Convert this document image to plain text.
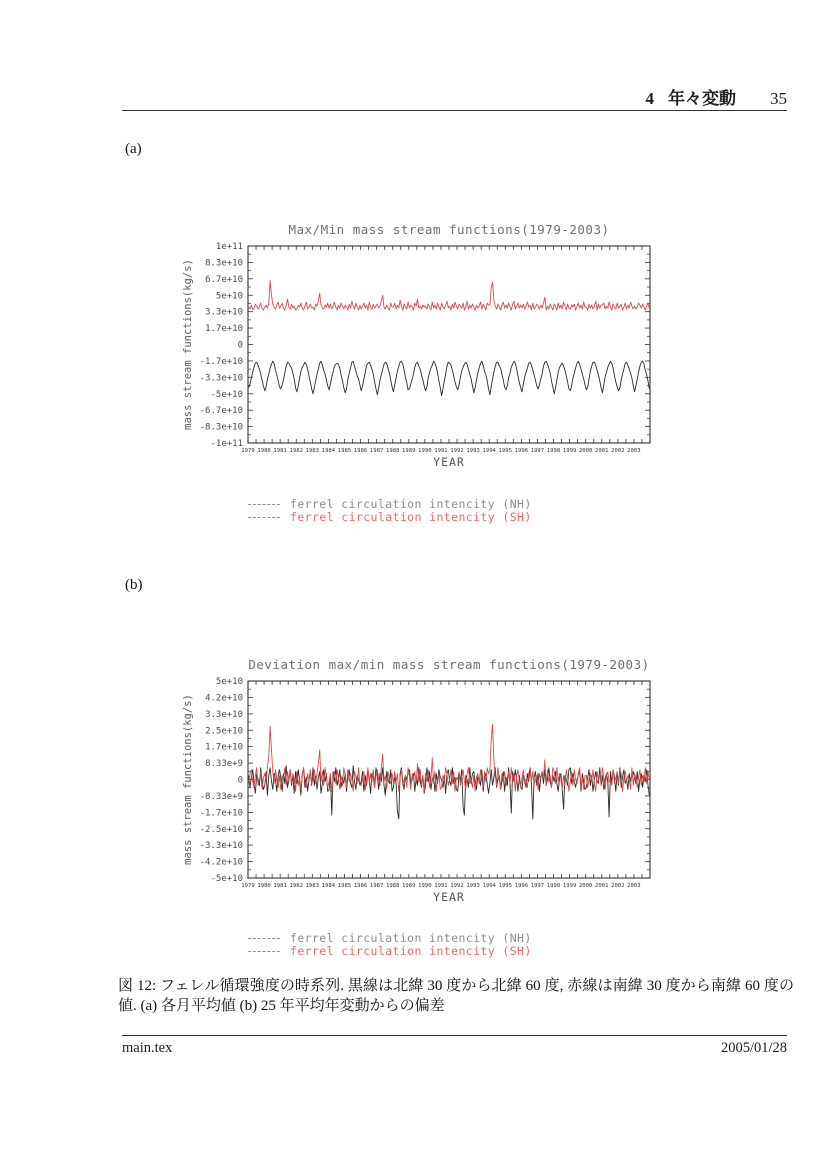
4 年々変動 35
(a)
Max/Min mass stream functions(1979-2003)
mass stream functions(kg/s)
1e+11
8.3e+10
6.7e+10
5e+10
3.3e+10
1.7e+10
0
-1.7e+10
-3.3e+10
-5e+10
-6.7e+10
-8.3e+10
-1e+11
1979 1980 1981 1982 1983 1984 1985 1986 1987 1988 1989 1990 1991 1992 1993 1994 1995 1996 1997 1998 1999 2000 2001 2002 2003
YEAR
ferrel circulation intencity (NH)
ferrel circulation intencity (SH)
(b)
Deviation max/min mass stream functions(1979-2003)
mass stream functions(kg/s)
5e+10
4.2e+10
3.3e+10
2.5e+10
1.7e+10
8.33e+9
0
-8.33e+9
-1.7e+10
-2.5e+10
-3.3e+10
-4.2e+10
-5e+10
1979 1980 1981 1982 1983 1984 1985 1986 1987 1988 1989 1990 1991 1992 1993 1994 1995 1996 1997 1998 1999 2000 2001 2002 2003
YEAR
ferrel circulation intencity (NH)
ferrel circulation intencity (SH)
図 12: フェレル循環強度の時系列. 黒線は北緯 30 度から北緯 60 度, 赤線は南緯 30 度から南緯 60 度の値. (a) 各月平均値 (b) 25 年平均年変動からの偏差
main.tex	2005/01/28
